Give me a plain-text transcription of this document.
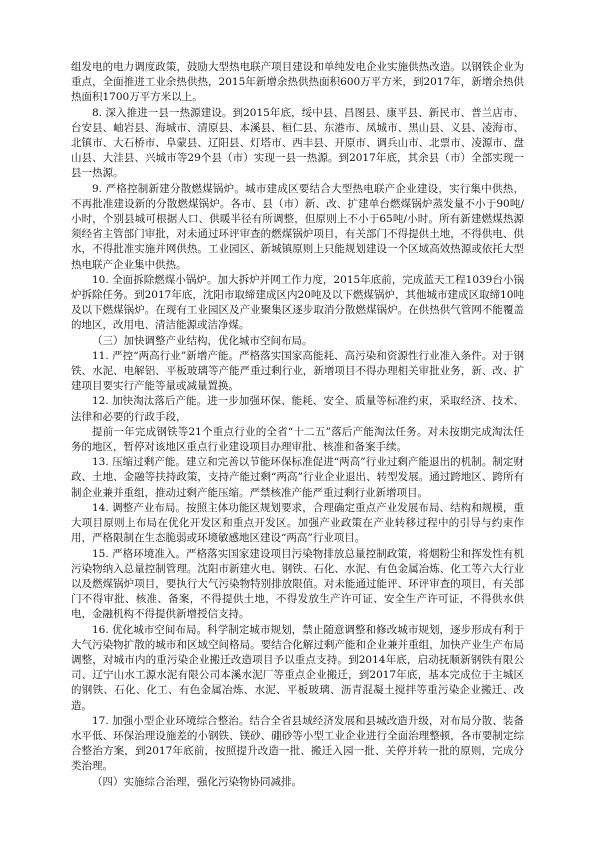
组发电的电力调度政策，鼓励大型热电联产项目建设和单纯发电企业实施供热改造。以钢铁企业为重点，全面推进工业余热供热，2015年新增余热供热面积600万平方米，到2017年，新增余热供热面积1700万平方米以上。

8. 深入推进一县一热源建设。到2015年底，绥中县、昌图县、康平县、新民市、普兰店市、台安县、岫岩县、海城市、清原县、本溪县、桓仁县、东港市、凤城市、黑山县、义县、凌海市、北镇市、大石桥市、阜蒙县、辽阳县、灯塔市、西丰县、开原市、调兵山市、北票市、凌源市、盘山县、大洼县、兴城市等29个县（市）实现一县一热源。到2017年底，其余县（市）全部实现一县一热源。

9. 严格控制新建分散燃煤锅炉。城市建成区要结合大型热电联产企业建设，实行集中供热，不再批准建设新的分散燃煤锅炉。各市、县（市）新、改、扩建单台燃煤锅炉蒸发量不小于90吨/小时，个别县城可根据人口、供暖半径有所调整，但原则上不小于65吨/小时。所有新建燃煤热源须经省主管部门审批，对未通过环评审查的燃煤锅炉项目，有关部门不得提供土地，不得供电、供水，不得批准实施并网供热。工业园区、新城镇原则上只能规划建设一个区域高效热源或依托大型热电联产企业集中供热。

10. 全面拆除燃煤小锅炉。加大拆炉并网工作力度，2015年底前，完成蓝天工程1039台小锅炉拆除任务。到2017年底，沈阳市取缔建成区内20吨及以下燃煤锅炉，其他城市建成区取缔10吨及以下燃煤锅炉。在现有工业园区及产业聚集区逐步取消分散燃煤锅炉。在供热供气管网不能覆盖的地区，改用电、清洁能源或洁净煤。

（三）加快调整产业结构，优化城市空间布局。

11. 严控“两高行业”新增产能。严格落实国家高能耗、高污染和资源性行业准入条件。对于钢铁、水泥、电解铝、平板玻璃等产能严重过剩行业，新增项目不得办理相关审批业务，新、改、扩建项目要实行产能等量或减量置换。

12. 加快淘汰落后产能。进一步加强环保、能耗、安全、质量等标准约束，采取经济、技术、法律和必要的行政手段，

提前一年完成钢铁等21个重点行业的全省“十二五”落后产能淘汰任务。对未按期完成淘汰任务的地区，暂停对该地区重点行业建设项目办理审批、核准和备案手续。

13. 压缩过剩产能。建立和完善以节能环保标准促进“两高”行业过剩产能退出的机制。制定财政、土地、金融等扶持政策，支持产能过剩“两高”行业企业退出、转型发展。通过跨地区、跨所有制企业兼并重组，推动过剩产能压缩。严禁核准产能严重过剩行业新增项目。

14. 调整产业布局。按照主体功能区规划要求，合理确定重点产业发展布局、结构和规模，重大项目原则上布局在优化开发区和重点开发区。加强产业政策在产业转移过程中的引导与约束作用，严格限制在生态脆弱或环境敏感地区建设“两高”行业项目。

15. 严格环境准入。严格落实国家建设项目污染物排放总量控制政策，将烟粉尘和挥发性有机污染物纳入总量控制管理。沈阳市新建火电、钢铁、石化、水泥、有色金属冶炼、化工等六大行业以及燃煤锅炉项目，要执行大气污染物特别排放限值。对未能通过能评、环评审查的项目，有关部门不得审批、核准、备案，不得提供土地，不得发放生产许可证、安全生产许可证，不得供水供电，金融机构不得提供新增授信支持。

16. 优化城市空间布局。科学制定城市规划，禁止随意调整和修改城市规划，逐步形成有利于大气污染物扩散的城市和区域空间格局。要结合化解过剩产能和企业兼并重组，加快产业生产布局调整，对城市内的重污染企业搬迁改造项目予以重点支持。到2014年底，启动抚顺新钢铁有限公司、辽宁山水工源水泥有限公司本溪水泥厂等重点企业搬迁，到2017年底，基本完成位于主城区的钢铁、石化、化工、有色金属冶炼、水泥、平板玻璃、沥青混凝土搅拌等重污染企业搬迁、改造。

17. 加强小型企业环境综合整治。结合全省县域经济发展和县城改造升级，对布局分散、装备水平低、环保治理设施差的小钢铁、镁砂、硼砂等小型工业企业进行全面治理整顿，各市要制定综合整治方案，到2017年底前，按照提升改造一批、搬迁入园一批、关停并转一批的原则，完成分类治理。

（四）实施综合治理，强化污染物协同减排。
